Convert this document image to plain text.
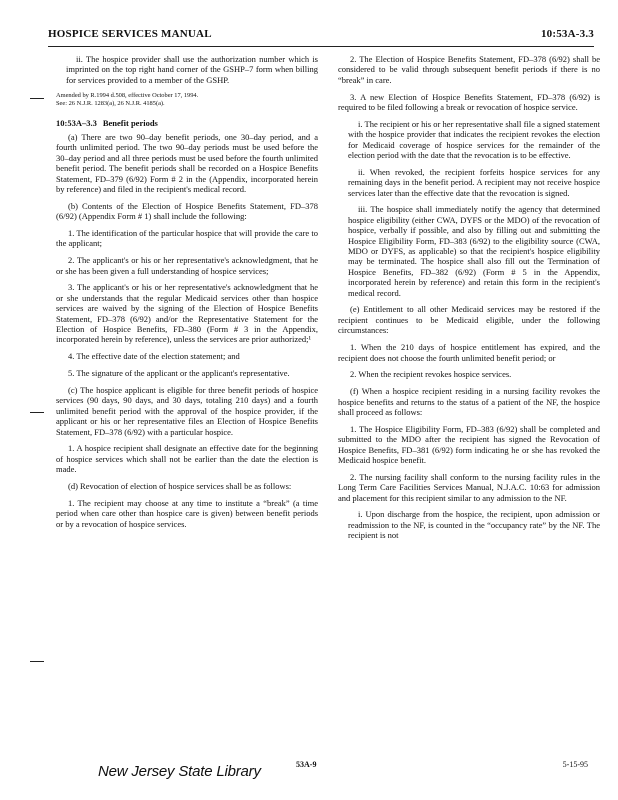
HOSPICE SERVICES MANUAL	10:53A-3.3

ii. The hospice provider shall use the authorization number which is imprinted on the top right hand corner of the GSHP–7 form when billing for services provided to a member of the GSHP.

Amended by R.1994 d.508, effective October 17, 1994.
See: 26 N.J.R. 1283(a), 26 N.J.R. 4185(a).

10:53A–3.3 Benefit periods

(a) There are two 90–day benefit periods, one 30–day period, and a fourth unlimited period. The two 90–day periods must be used before the 30–day period and all three periods must be used before the fourth unlimited benefit period. The benefit periods shall be recorded on a Hospice Benefits Statement, FD–379 (6/92) Form # 2 in the (Appendix, incorporated herein by reference) and filed in the recipient's medical record.

(b) Contents of the Election of Hospice Benefits Statement, FD–378 (6/92) (Appendix Form # 1) shall include the following:

1. The identification of the particular hospice that will provide the care to the applicant;

2. The applicant's or his or her representative's acknowledgment, that he or she has been given a full understanding of hospice services;

3. The applicant's or his or her representative's acknowledgment that he or she understands that the regular Medicaid services other than hospice services are waived by the signing of the Election of Hospice Benefits Statement, FD–378 (6/92) and/or the Representative Statement for the Election of Hospice Benefits, FD–380 (Form # 3 in the Appendix, incorporated herein by reference), unless the services are prior authorized;¹

4. The effective date of the election statement; and

5. The signature of the applicant or the applicant's representative.

(c) The hospice applicant is eligible for three benefit periods of hospice services (90 days, 90 days, and 30 days, totaling 210 days) and a fourth unlimited benefit period with the approval of the hospice provider, if the applicant or his or her representative files an Election of Hospice Benefits Statement, FD–378 (6/92) with a particular hospice.

1. A hospice recipient shall designate an effective date for the beginning of hospice services which shall not be earlier than the date the election is made.

(d) Revocation of election of hospice services shall be as follows:

1. The recipient may choose at any time to institute a “break” (a time period when care other than hospice care is given) between benefit periods or by a revocation of hospice services.

2. The Election of Hospice Benefits Statement, FD–378 (6/92) shall be considered to be valid through subsequent benefit periods if there is no “break” in care.

3. A new Election of Hospice Benefits Statement, FD–378 (6/92) is required to be filed following a break or revocation of hospice service.

i. The recipient or his or her representative shall file a signed statement with the hospice provider that indicates the recipient revokes the election for Medicaid coverage of hospice services for the remainder of the election period with the date that the revocation is to be effective.

ii. When revoked, the recipient forfeits hospice services for any remaining days in the benefit period. A recipient may not receive hospice services later than the effective date that the revocation is signed.

iii. The hospice shall immediately notify the agency that determined hospice eligibility (either CWA, DYFS or the MDO) of the revocation of hospice, verbally if possible, and also by filling out and submitting the Hospice Eligibility Form, FD–383 (6/92) to the eligibility source (CWA, MDO or DYFS, as applicable) so that the recipient's hospice eligibility may be terminated. The hospice shall also fill out the Termination of Hospice Benefits, FD–382 (6/92) (Form # 5 in the Appendix, incorporated herein by reference) and retain this form in the recipient's medical record.

(e) Entitlement to all other Medicaid services may be restored if the recipient continues to be Medicaid eligible, under the following circumstances:

1. When the 210 days of hospice entitlement has expired, and the recipient does not choose the fourth unlimited benefit period; or

2. When the recipient revokes hospice services.

(f) When a hospice recipient residing in a nursing facility revokes the hospice benefits and returns to the status of a patient of the NF, the hospice shall proceed as follows:

1. The Hospice Eligibility Form, FD–383 (6/92) shall be completed and submitted to the MDO after the recipient has signed the Revocation of Hospice Benefits, FD–381 (6/92) form indicating he or she has revoked the Medicaid hospice benefit.

2. The nursing facility shall conform to the nursing facility rules in the Long Term Care Facilities Services Manual, N.J.A.C. 10:63 for admission and placement for this recipient similar to any admission to the NF.

i. Upon discharge from the hospice, the recipient, upon admission or readmission to the NF, is counted in the “occupancy rate” by the NF. The recipient is not

53A-9	5-15-95
New Jersey State Library
